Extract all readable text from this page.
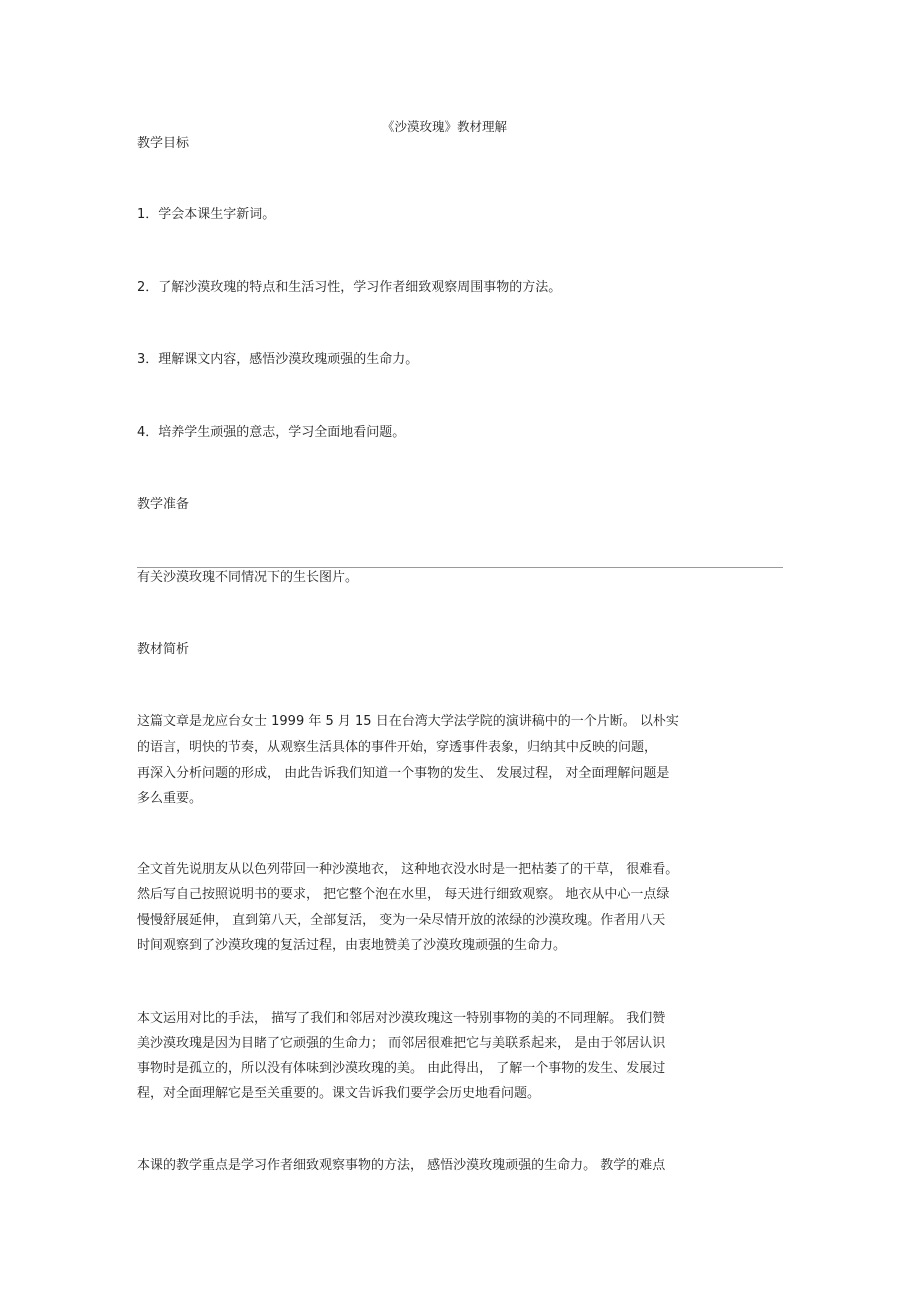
《沙漠玫瑰》教材理解

教学目标

1．学会本课生字新词。

2．了解沙漠玫瑰的特点和生活习性，学习作者细致观察周围事物的方法。

3．理解课文内容，感悟沙漠玫瑰顽强的生命力。

4．培养学生顽强的意志，学习全面地看问题。

教学准备

有关沙漠玫瑰不同情况下的生长图片。

教材简析

这篇文章是龙应台女士 1999 年 5 月 15 日在台湾大学法学院的演讲稿中的一个片断。 以朴实

的语言，明快的节奏，从观察生活具体的事件开始，穿透事件表象，归纳其中反映的问题，

再深入分析问题的形成， 由此告诉我们知道一个事物的发生、 发展过程， 对全面理解问题是

多么重要。

全文首先说朋友从以色列带回一种沙漠地衣， 这种地衣没水时是一把枯萎了的干草， 很难看。

然后写自己按照说明书的要求， 把它整个泡在水里， 每天进行细致观察。 地衣从中心一点绿

慢慢舒展延伸， 直到第八天，全部复活， 变为一朵尽情开放的浓绿的沙漠玫瑰。作者用八天

时间观察到了沙漠玫瑰的复活过程，由衷地赞美了沙漠玫瑰顽强的生命力。

本文运用对比的手法， 描写了我们和邻居对沙漠玫瑰这一特别事物的美的不同理解。 我们赞

美沙漠玫瑰是因为目睹了它顽强的生命力； 而邻居很难把它与美联系起来， 是由于邻居认识

事物时是孤立的，所以没有体味到沙漠玫瑰的美。 由此得出， 了解一个事物的发生、发展过

程，对全面理解它是至关重要的。课文告诉我们要学会历史地看问题。

本课的教学重点是学习作者细致观察事物的方法， 感悟沙漠玫瑰顽强的生命力。 教学的难点
